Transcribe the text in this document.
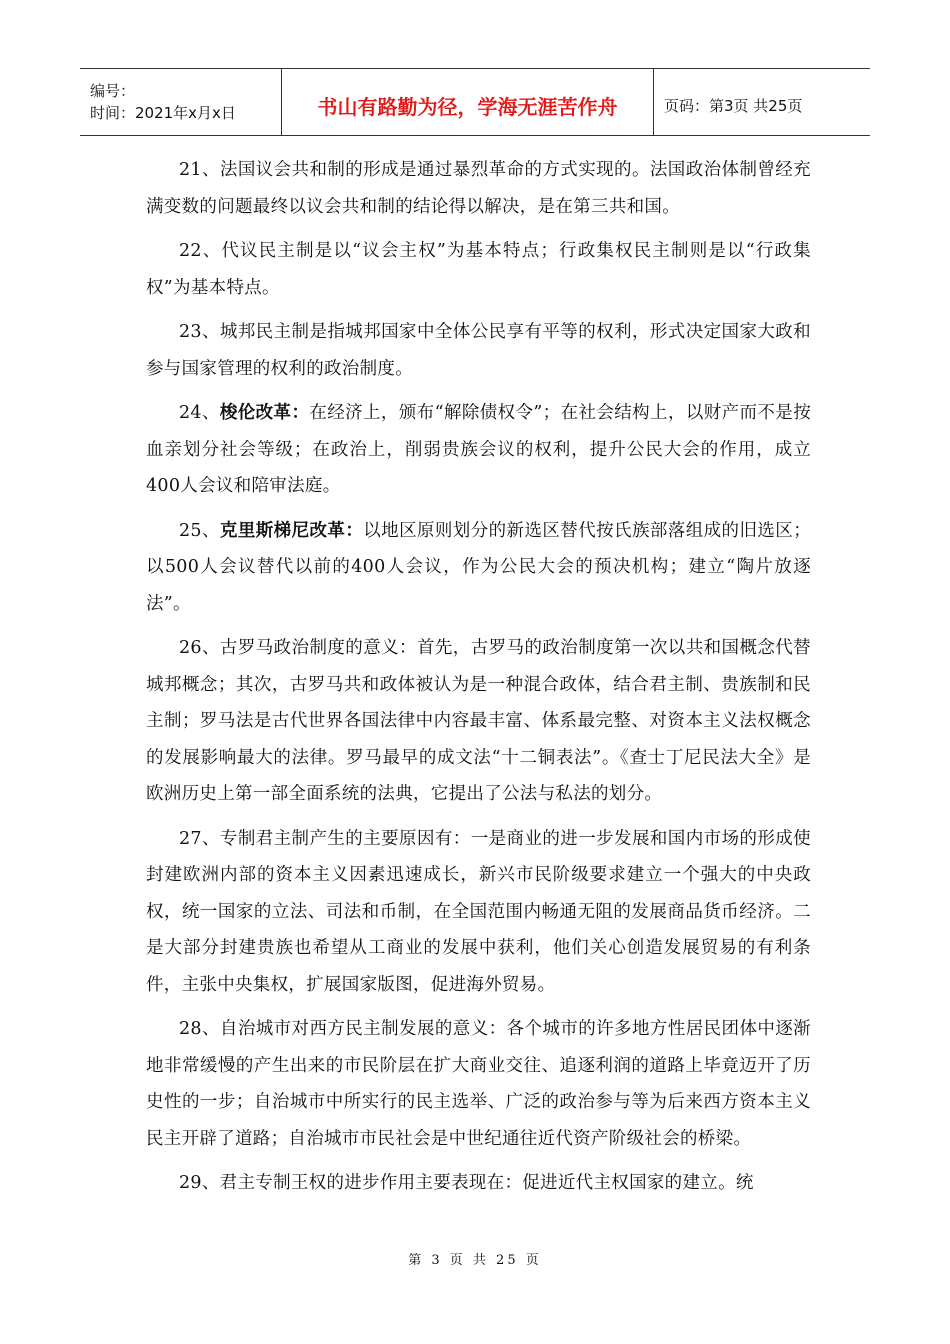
编号：
时间：2021年x月x日	书山有路勤为径，学海无涯苦作舟	页码：第3页 共25页

21、法国议会共和制的形成是通过暴烈革命的方式实现的。法国政治体制曾经充满变数的问题最终以议会共和制的结论得以解决，是在第三共和国。

22、代议民主制是以“议会主权”为基本特点；行政集权民主制则是以“行政集权”为基本特点。

23、城邦民主制是指城邦国家中全体公民享有平等的权利，形式决定国家大政和参与国家管理的权利的政治制度。

24、梭伦改革：在经济上，颁布“解除债权令”；在社会结构上，以财产而不是按血亲划分社会等级；在政治上，削弱贵族会议的权利，提升公民大会的作用，成立400人会议和陪审法庭。

25、克里斯梯尼改革：以地区原则划分的新选区替代按氏族部落组成的旧选区；以500人会议替代以前的400人会议，作为公民大会的预决机构；建立“陶片放逐法”。

26、古罗马政治制度的意义：首先，古罗马的政治制度第一次以共和国概念代替城邦概念；其次，古罗马共和政体被认为是一种混合政体，结合君主制、贵族制和民主制；罗马法是古代世界各国法律中内容最丰富、体系最完整、对资本主义法权概念的发展影响最大的法律。罗马最早的成文法“十二铜表法”。《查士丁尼民法大全》是欧洲历史上第一部全面系统的法典，它提出了公法与私法的划分。

27、专制君主制产生的主要原因有：一是商业的进一步发展和国内市场的形成使封建欧洲内部的资本主义因素迅速成长，新兴市民阶级要求建立一个强大的中央政权，统一国家的立法、司法和币制，在全国范围内畅通无阻的发展商品货币经济。二是大部分封建贵族也希望从工商业的发展中获利，他们关心创造发展贸易的有利条件，主张中央集权，扩展国家版图，促进海外贸易。

28、自治城市对西方民主制发展的意义：各个城市的许多地方性居民团体中逐渐地非常缓慢的产生出来的市民阶层在扩大商业交往、追逐利润的道路上毕竟迈开了历史性的一步；自治城市中所实行的民主选举、广泛的政治参与等为后来西方资本主义民主开辟了道路；自治城市市民社会是中世纪通往近代资产阶级社会的桥梁。

29、君主专制王权的进步作用主要表现在：促进近代主权国家的建立。统

第 3 页 共 25 页
